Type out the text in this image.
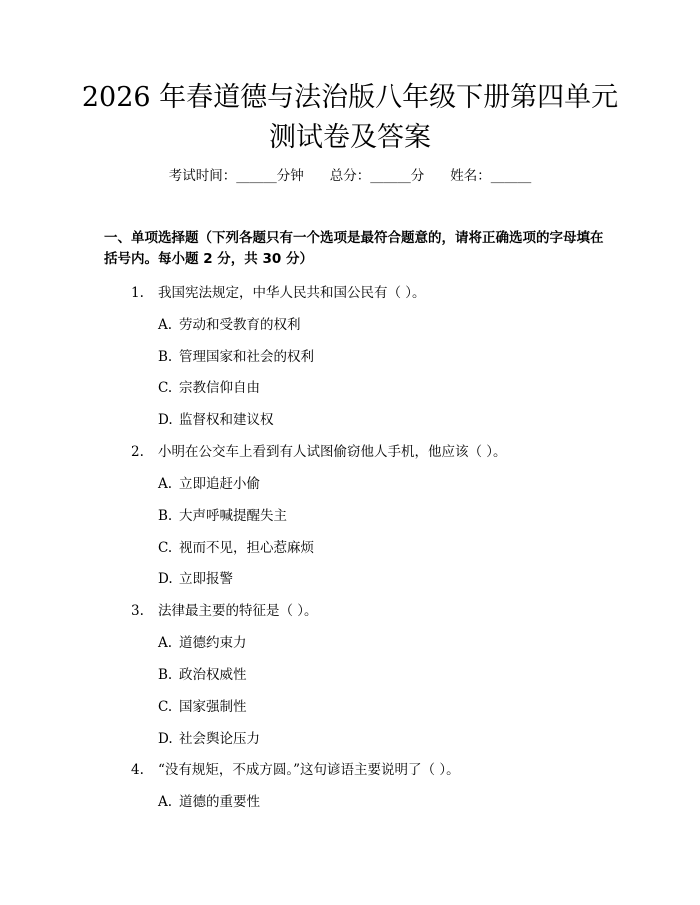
2026 年春道德与法治版八年级下册第四单元
测试卷及答案
考试时间：______分钟 总分：______分 姓名：______
一、单项选择题（下列各题只有一个选项是最符合题意的，请将正确选项的字母填在括号内。每小题 2 分，共 30 分）
1. 我国宪法规定，中华人民共和国公民有（ ）。
A. 劳动和受教育的权利
B. 管理国家和社会的权利
C. 宗教信仰自由
D. 监督权和建议权
2. 小明在公交车上看到有人试图偷窃他人手机，他应该（ ）。
A. 立即追赶小偷
B. 大声呼喊提醒失主
C. 视而不见，担心惹麻烦
D. 立即报警
3. 法律最主要的特征是（ ）。
A. 道德约束力
B. 政治权威性
C. 国家强制性
D. 社会舆论压力
4. “没有规矩，不成方圆。”这句谚语主要说明了（ ）。
A. 道德的重要性
